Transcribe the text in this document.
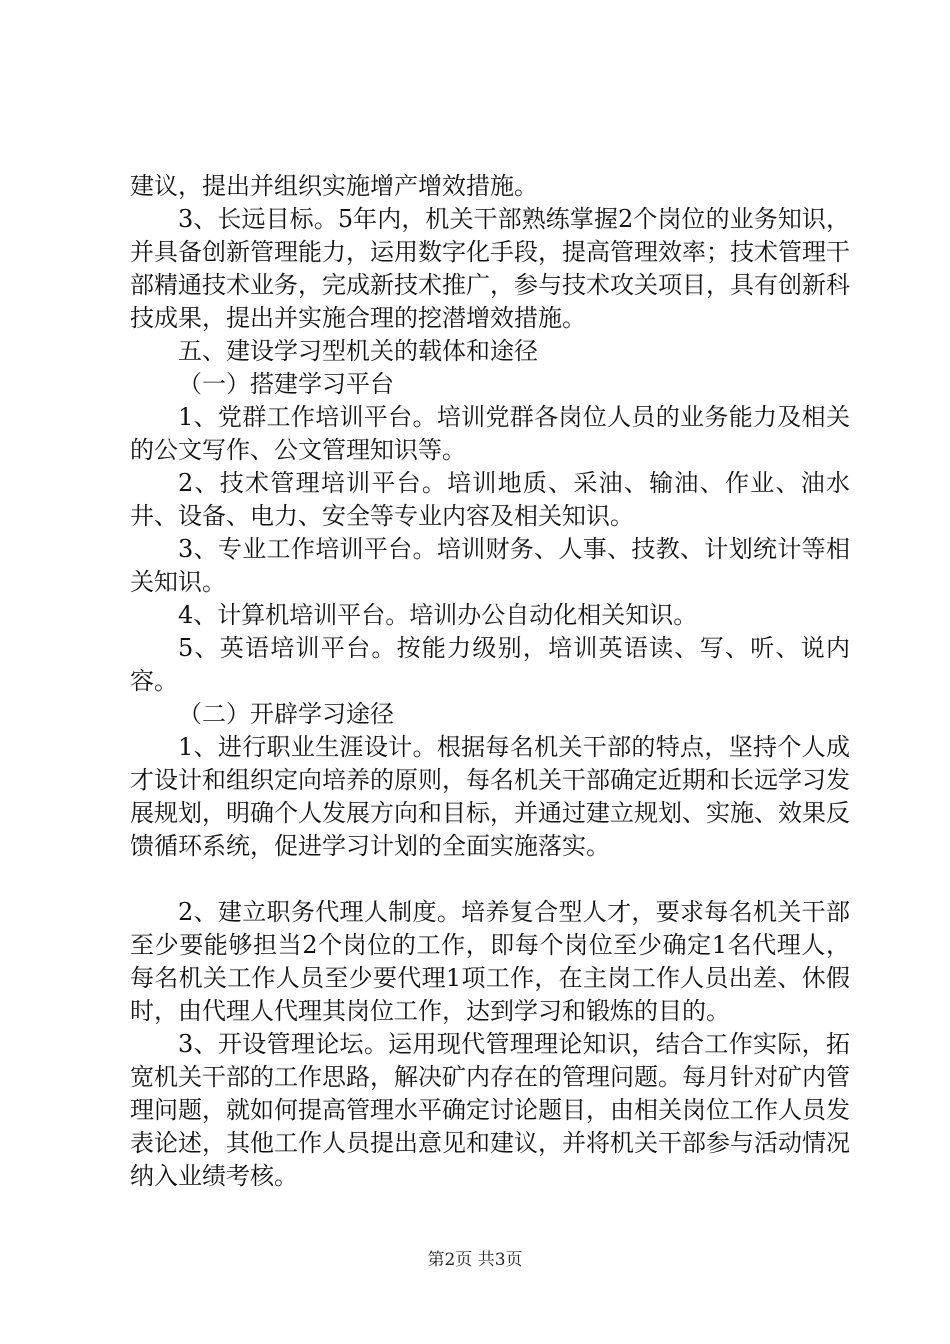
建议，提出并组织实施增产增效措施。

3、长远目标。5年内，机关干部熟练掌握2个岗位的业务知识，并具备创新管理能力，运用数字化手段，提高管理效率；技术管理干部精通技术业务，完成新技术推广，参与技术攻关项目，具有创新科技成果，提出并实施合理的挖潜增效措施。

五、建设学习型机关的载体和途径

（一）搭建学习平台

1、党群工作培训平台。培训党群各岗位人员的业务能力及相关的公文写作、公文管理知识等。

2、技术管理培训平台。培训地质、采油、输油、作业、油水井、设备、电力、安全等专业内容及相关知识。

3、专业工作培训平台。培训财务、人事、技教、计划统计等相关知识。

4、计算机培训平台。培训办公自动化相关知识。

5、英语培训平台。按能力级别，培训英语读、写、听、说内容。

（二）开辟学习途径

1、进行职业生涯设计。根据每名机关干部的特点，坚持个人成才设计和组织定向培养的原则，每名机关干部确定近期和长远学习发展规划，明确个人发展方向和目标，并通过建立规划、实施、效果反馈循环系统，促进学习计划的全面实施落实。

2、建立职务代理人制度。培养复合型人才，要求每名机关干部至少要能够担当2个岗位的工作，即每个岗位至少确定1名代理人，每名机关工作人员至少要代理1项工作，在主岗工作人员出差、休假时，由代理人代理其岗位工作，达到学习和锻炼的目的。

3、开设管理论坛。运用现代管理理论知识，结合工作实际，拓宽机关干部的工作思路，解决矿内存在的管理问题。每月针对矿内管理问题，就如何提高管理水平确定讨论题目，由相关岗位工作人员发表论述，其他工作人员提出意见和建议，并将机关干部参与活动情况纳入业绩考核。

第2页 共3页
